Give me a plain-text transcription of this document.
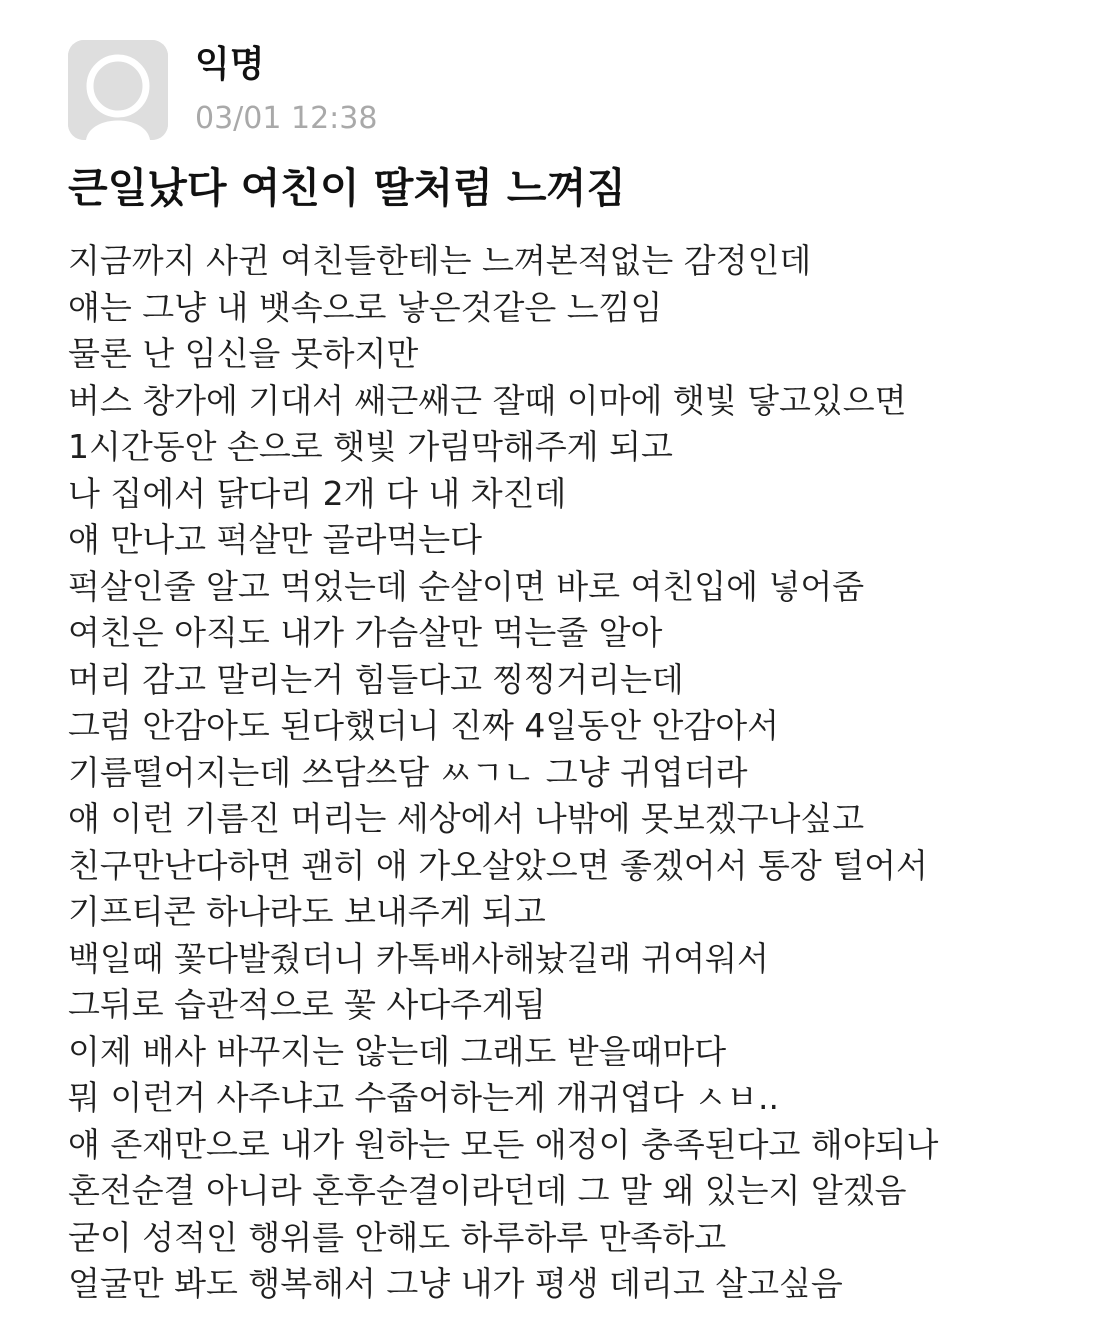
익명
03/01 12:38
큰일났다 여친이 딸처럼 느껴짐
지금까지 사귄 여친들한테는 느껴본적없는 감정인데
얘는 그냥 내 뱃속으로 낳은것같은 느낌임
물론 난 임신을 못하지만
버스 창가에 기대서 쌔근쌔근 잘때 이마에 햇빛 닿고있으면
1시간동안 손으로 햇빛 가림막해주게 되고
나 집에서 닭다리 2개 다 내 차진데
얘 만나고 퍽살만 골라먹는다
퍽살인줄 알고 먹었는데 순살이면 바로 여친입에 넣어줌
여친은 아직도 내가 가슴살만 먹는줄 알아
머리 감고 말리는거 힘들다고 찡찡거리는데
그럼 안감아도 된다했더니 진짜 4일동안 안감아서
기름떨어지는데 쓰담쓰담 ㅆㄱㄴ 그냥 귀엽더라
얘 이런 기름진 머리는 세상에서 나밖에 못보겠구나싶고
친구만난다하면 괜히 애 가오살았으면 좋겠어서 통장 털어서
기프티콘 하나라도 보내주게 되고
백일때 꽃다발줬더니 카톡배사해놨길래 귀여워서
그뒤로 습관적으로 꽃 사다주게됨
이제 배사 바꾸지는 않는데 그래도 받을때마다
뭐 이런거 사주냐고 수줍어하는게 개귀엽다 ㅅㅂ..
얘 존재만으로 내가 원하는 모든 애정이 충족된다고 해야되나
혼전순결 아니라 혼후순결이라던데 그 말 왜 있는지 알겠음
굳이 성적인 행위를 안해도 하루하루 만족하고
얼굴만 봐도 행복해서 그냥 내가 평생 데리고 살고싶음
